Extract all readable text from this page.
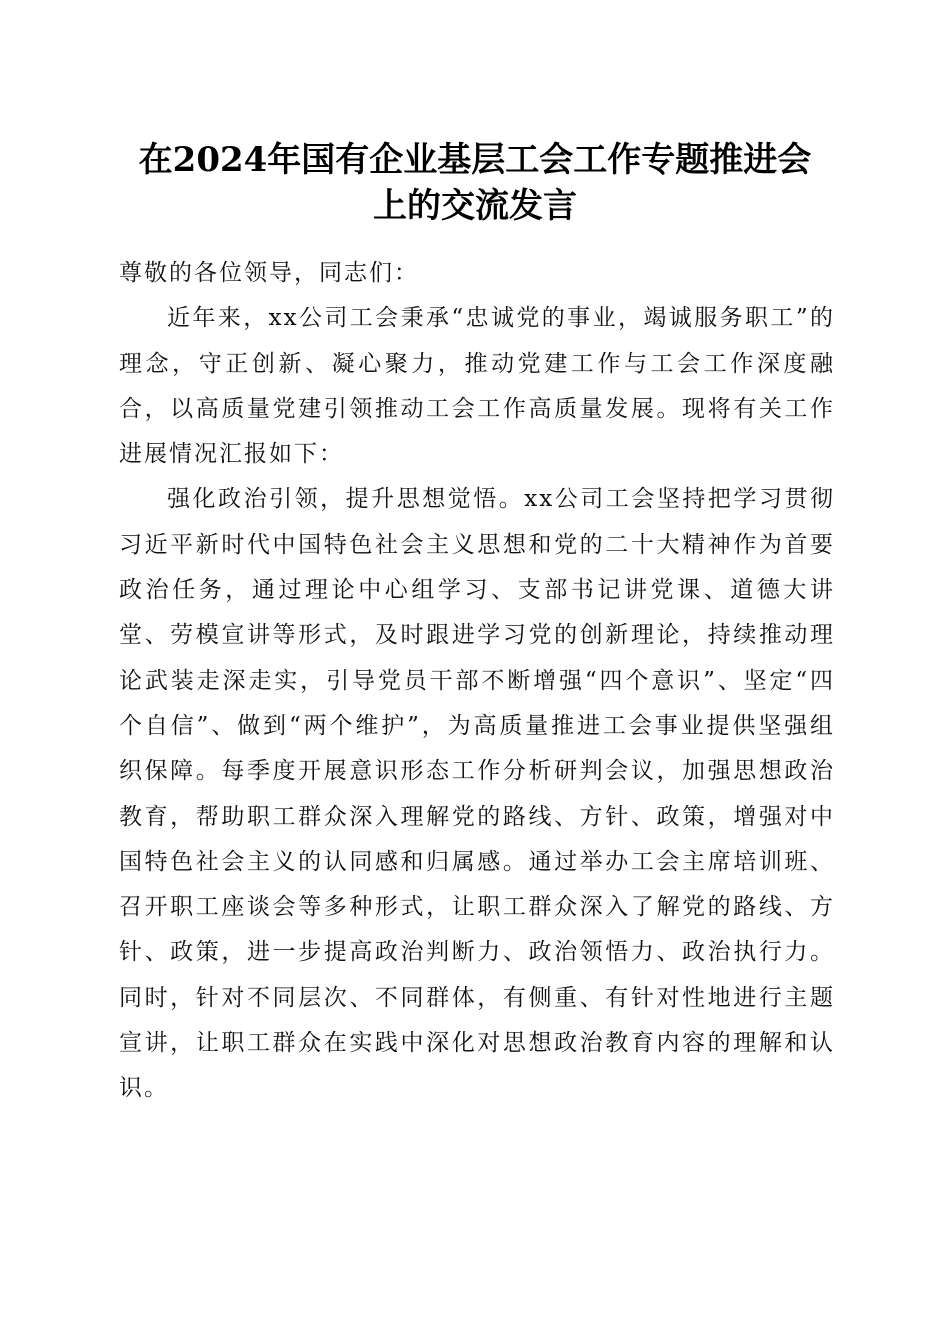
在2024年国有企业基层工会工作专题推进会
上的交流发言

尊敬的各位领导，同志们：

近年来，xx公司工会秉承“忠诚党的事业，竭诚服务职工”的理念，守正创新、凝心聚力，推动党建工作与工会工作深度融合，以高质量党建引领推动工会工作高质量发展。现将有关工作进展情况汇报如下：

强化政治引领，提升思想觉悟。xx公司工会坚持把学习贯彻习近平新时代中国特色社会主义思想和党的二十大精神作为首要政治任务，通过理论中心组学习、支部书记讲党课、道德大讲堂、劳模宣讲等形式，及时跟进学习党的创新理论，持续推动理论武装走深走实，引导党员干部不断增强“四个意识”、坚定“四个自信”、做到“两个维护”，为高质量推进工会事业提供坚强组织保障。每季度开展意识形态工作分析研判会议，加强思想政治教育，帮助职工群众深入理解党的路线、方针、政策，增强对中国特色社会主义的认同感和归属感。通过举办工会主席培训班、召开职工座谈会等多种形式，让职工群众深入了解党的路线、方针、政策，进一步提高政治判断力、政治领悟力、政治执行力。同时，针对不同层次、不同群体，有侧重、有针对性地进行主题宣讲，让职工群众在实践中深化对思想政治教育内容的理解和认识。
